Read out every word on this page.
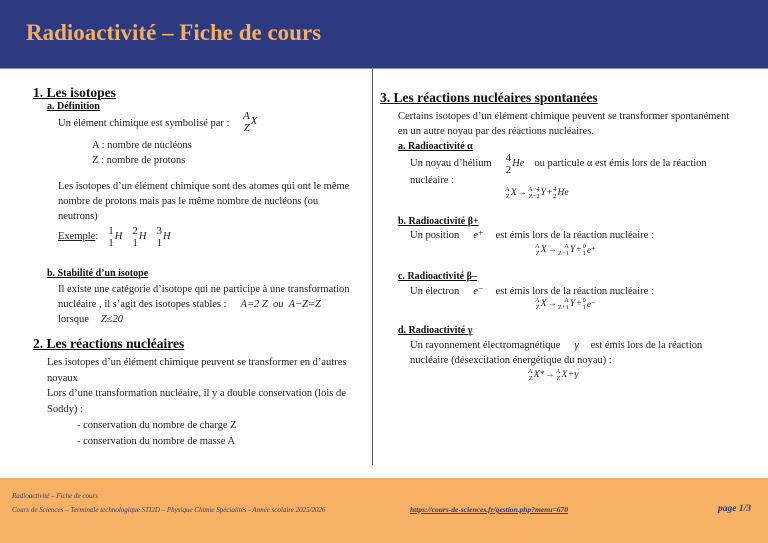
Radioactivité – Fiche de cours
1. Les isotopes
a. Définition
Un élément chimique est symbolisé par :
A
Z
X
A : nombre de nucléons
Z : nombre de protons
Les isotopes d’un élément chimique sont des atomes qui ont le même
nombre de protons mais pas le même nombre de nucléons (ou
neutrons)
Exemple : 1
1
H 2
1
H 3
1
H
b. Stabilité d’un isotope
Il existe une catégorie d’isotope qui ne participe à une transformation
nucléaire , il s’agit des isotopes stables : A=2 Z  ou  A−Z=Z
lorsque Z≤20
2. Les réactions nucléaires
Les isotopes d’un élément chimique peuvent se transformer en d’autres
noyaux
Lors d’une transformation nucléaire, il y a double conservation (lois de
Soddy) :
- conservation du nombre de charge Z
- conservation du nombre de masse A
3. Les réactions nucléaires spontanées
Certains isotopes d’un élément chimique peuvent se transformer spontanément
en un autre noyau par des réactions nucléaires.
a. Radioactivité α
Un noyau d’hélium 4
2
He ou particule α est émis lors de la réaction
nucléaire :
A
Z X → A−4
Z−2 Y + 4
2 He
b. Radioactivité β+
Un position e⁺ est émis lors de la réaction nucléaire :
A
Z X → A
Z−1 Y + 0
1 e⁺
c. Radioactivité β–
Un électron e⁻ est émis lors de la réaction nucléaire :
A
Z X → A
Z+1 Y + 0
1 e⁻
d. Radioactivité γ
Un rayonnement électromagnétique γ est émis lors de la réaction
nucléaire (désexcitation énergétique du noyau) :
A
Z X* → A
Z X + γ
Radioactivité – Fiche de cours
Cours de Sciences – Terminale technologique STI2D – Physique Chimie Spécialités - Année scolaire 2025/2026	https://cours-de-sciences.fr/gestion.php?menu=670	page 1/3
